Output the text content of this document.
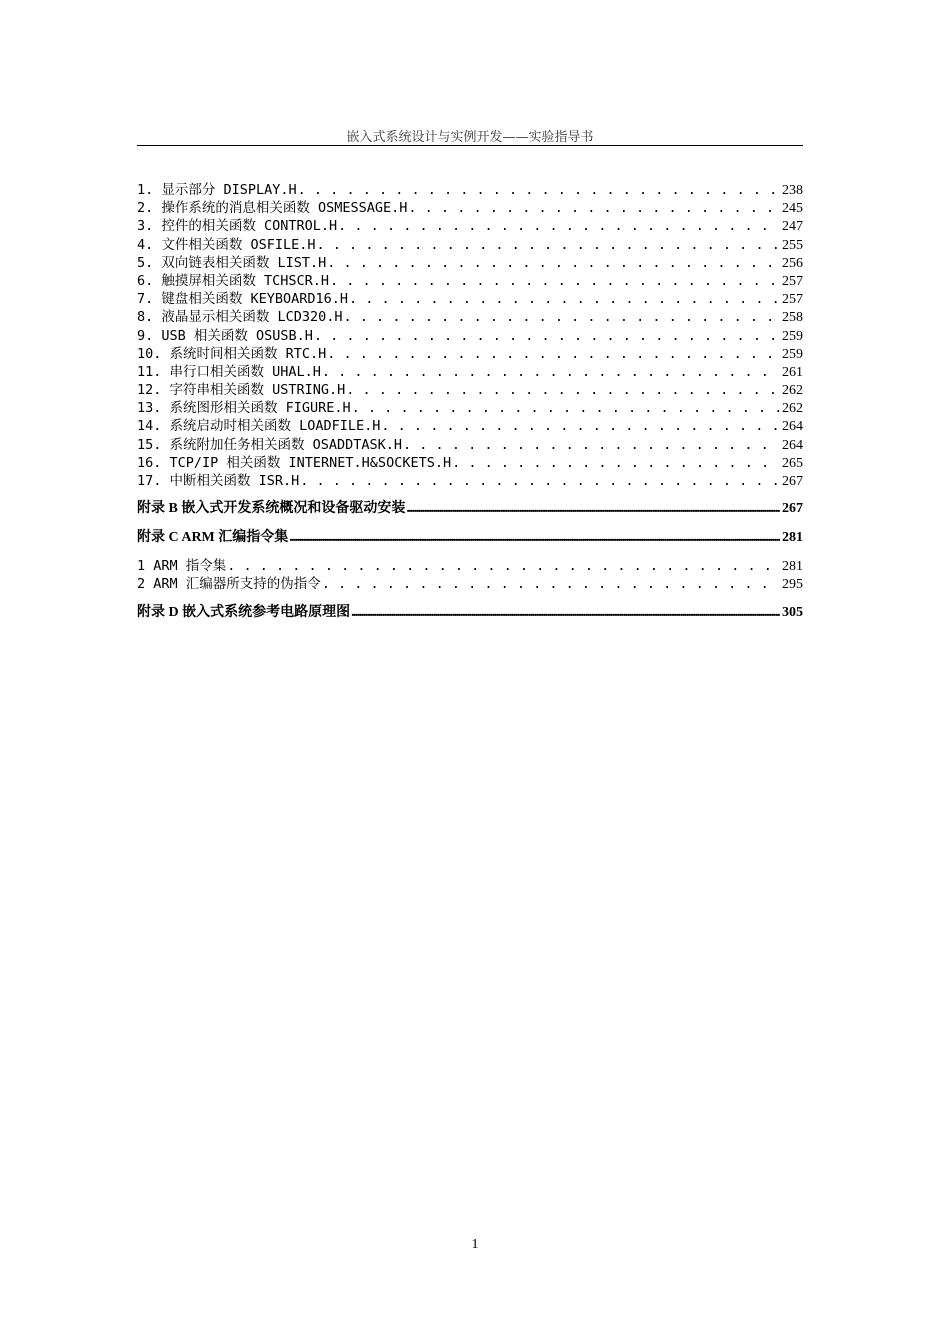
嵌入式系统设计与实例开发——实验指导书
1. 显示部分 DISPLAY.H . . .	238
2. 操作系统的消息相关函数 OSMESSAGE.H . . .	245
3. 控件的相关函数 CONTROL.H . . .	247
4. 文件相关函数 OSFILE.H . . .	255
5. 双向链表相关函数 LIST.H . . .	256
6. 触摸屏相关函数 TCHSCR.H . . .	257
7. 键盘相关函数 KEYBOARD16.H . . .	257
8. 液晶显示相关函数 LCD320.H . . .	258
9. USB 相关函数 OSUSB.H . . .	259
10. 系统时间相关函数 RTC.H . . .	259
11. 串行口相关函数 UHAL.H . . .	261
12. 字符串相关函数 USTRING.H . . .	262
13. 系统图形相关函数 FIGURE.H . . .	262
14. 系统启动时相关函数 LOADFILE.H . . .	264
15. 系统附加任务相关函数 OSADDTASK.H . . .	264
16. TCP/IP 相关函数 INTERNET.H&SOCKETS.H . . .	265
17. 中断相关函数 ISR.H . . .	267
附录 B 嵌入式开发系统概况和设备驱动安装 .....	267
附录 C ARM 汇编指令集 .....	281
1 ARM 指令集 . . .	281
2 ARM 汇编器所支持的伪指令 . . .	295
附录 D 嵌入式系统参考电路原理图 .....	305
1
